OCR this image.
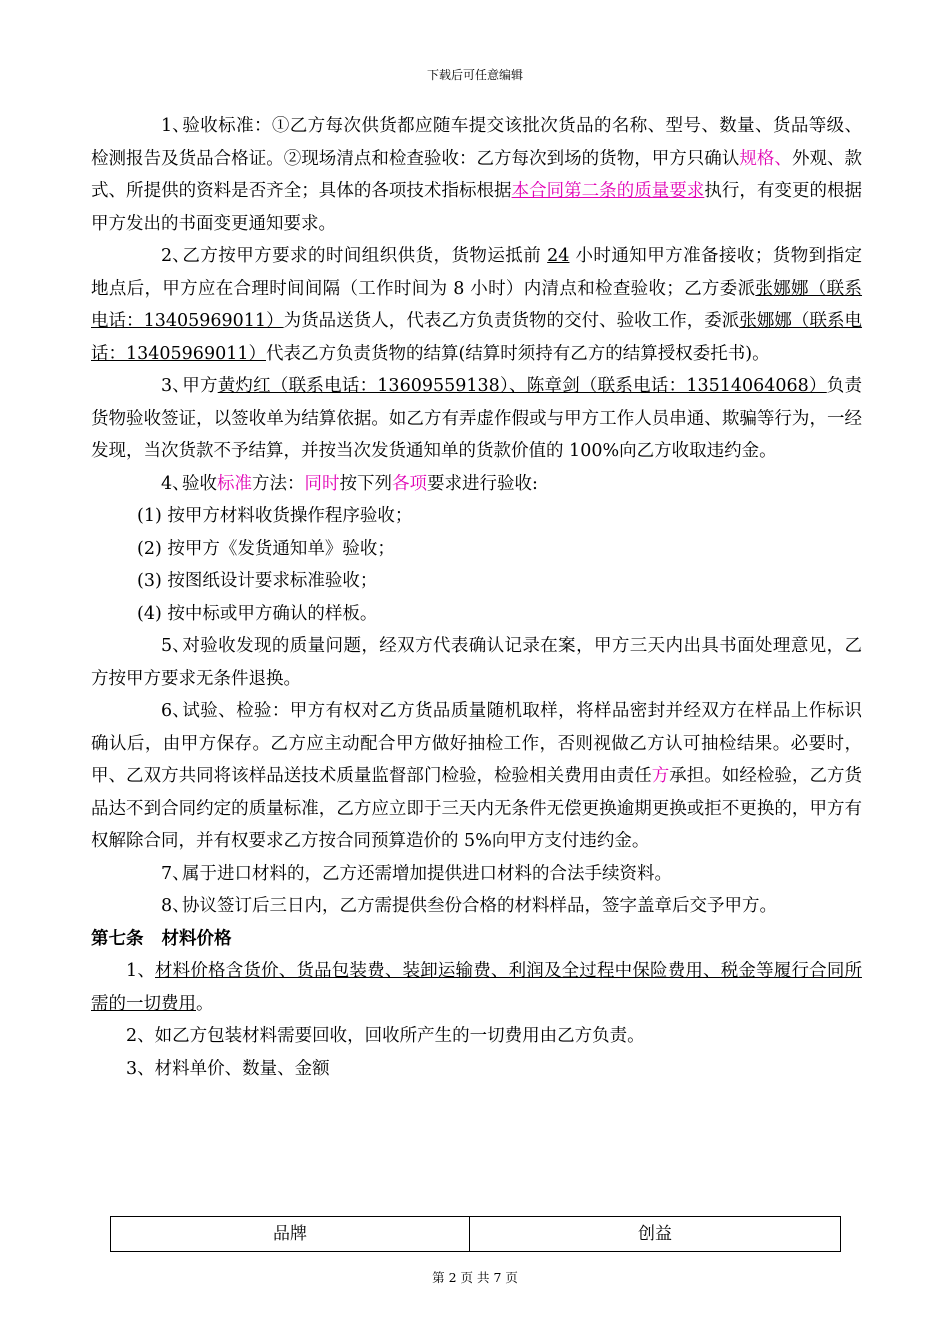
下载后可任意编辑

1、验收标准：①乙方每次供货都应随车提交该批次货品的名称、型号、数量、货品等级、检测报告及货品合格证。②现场清点和检查验收：乙方每次到场的货物，甲方只确认规格、外观、款式、所提供的资料是否齐全；具体的各项技术指标根据本合同第二条的质量要求执行，有变更的根据甲方发出的书面变更通知要求。

2、乙方按甲方要求的时间组织供货，货物运抵前 24 小时通知甲方准备接收；货物到指定地点后，甲方应在合理时间间隔（工作时间为 8 小时）内清点和检查验收；乙方委派张娜娜（联系电话：13405969011）为货品送货人，代表乙方负责货物的交付、验收工作，委派张娜娜（联系电话：13405969011）代表乙方负责货物的结算(结算时须持有乙方的结算授权委托书)。

3、甲方黄灼红（联系电话：13609559138）、陈章剑（联系电话：13514064068）负责货物验收签证，以签收单为结算依据。如乙方有弄虚作假或与甲方工作人员串通、欺骗等行为，一经发现，当次货款不予结算，并按当次发货通知单的货款价值的 100%向乙方收取违约金。

4、验收标准方法：同时按下列各项要求进行验收:

(1) 按甲方材料收货操作程序验收；

(2) 按甲方《发货通知单》验收；

(3) 按图纸设计要求标准验收；

(4) 按中标或甲方确认的样板。

5、对验收发现的质量问题，经双方代表确认记录在案，甲方三天内出具书面处理意见，乙方按甲方要求无条件退换。

6、试验、检验：甲方有权对乙方货品质量随机取样，将样品密封并经双方在样品上作标识确认后，由甲方保存。乙方应主动配合甲方做好抽检工作，否则视做乙方认可抽检结果。必要时，甲、乙双方共同将该样品送技术质量监督部门检验，检验相关费用由责任方承担。如经检验，乙方货品达不到合同约定的质量标准，乙方应立即于三天内无条件无偿更换逾期更换或拒不更换的，甲方有权解除合同，并有权要求乙方按合同预算造价的 5%向甲方支付违约金。

7、属于进口材料的，乙方还需增加提供进口材料的合法手续资料。

8、协议签订后三日内，乙方需提供叁份合格的材料样品，签字盖章后交予甲方。

第七条 材料价格

1、材料价格含货价、货品包装费、装卸运输费、利润及全过程中保险费用、税金等履行合同所需的一切费用。

2、如乙方包装材料需要回收，回收所产生的一切费用由乙方负责。

3、材料单价、数量、金额

品牌	创益
第 2 页 共 7 页
